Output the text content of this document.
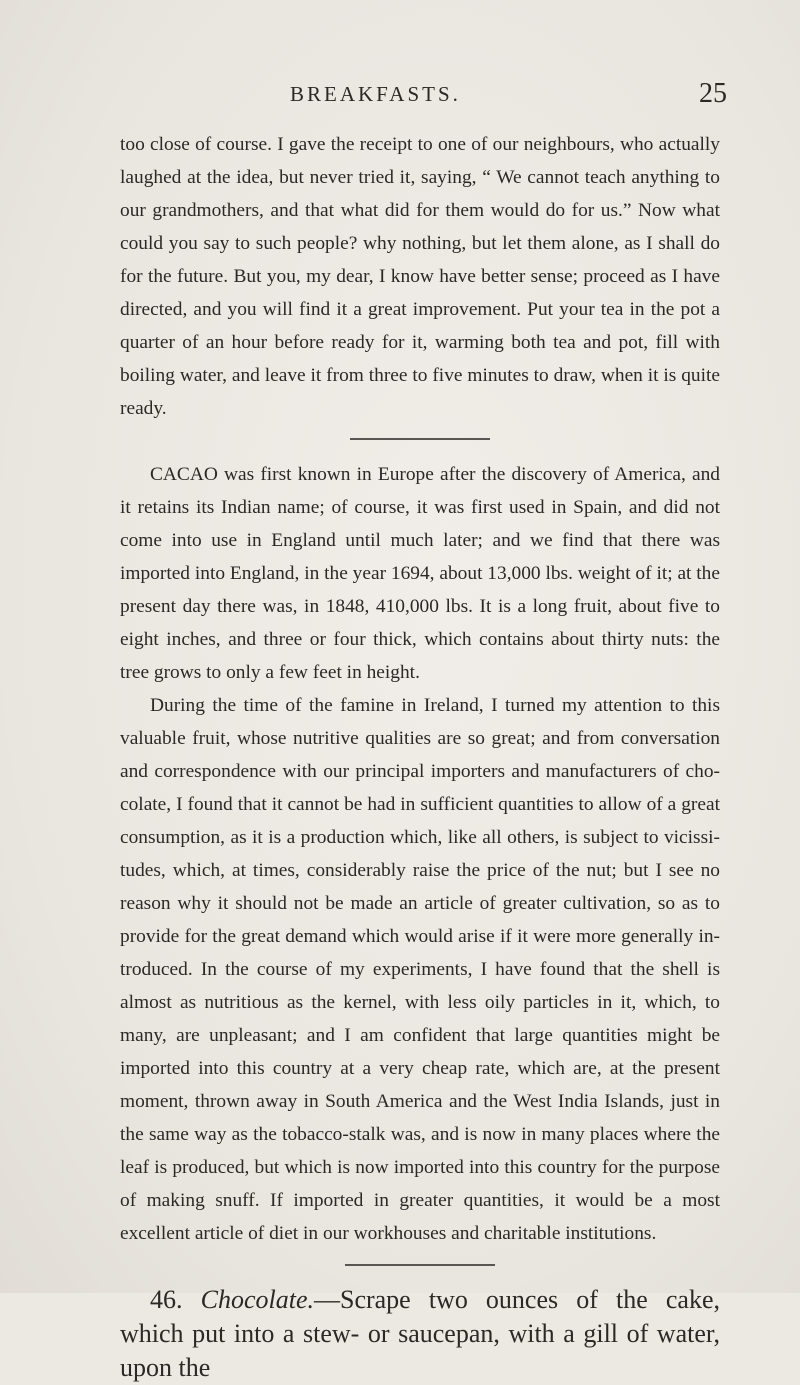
BREAKFASTS.	25

too close of course. I gave the receipt to one of our neighbours, who actually laughed at the idea, but never tried it, saying, “ We cannot teach anything to our grandmothers, and that what did for them would do for us.” Now what could you say to such people? why nothing, but let them alone, as I shall do for the future. But you, my dear, I know have better sense; proceed as I have directed, and you will find it a great improvement. Put your tea in the pot a quarter of an hour before ready for it, warming both tea and pot, fill with boiling water, and leave it from three to five minutes to draw, when it is quite ready.

CACAO was first known in Europe after the discovery of America, and it retains its Indian name; of course, it was first used in Spain, and did not come into use in England until much later; and we find that there was imported into England, in the year 1694, about 13,000 lbs. weight of it; at the present day there was, in 1848, 410,000 lbs. It is a long fruit, about five to eight inches, and three or four thick, which contains about thirty nuts: the tree grows to only a few feet in height.

During the time of the famine in Ireland, I turned my attention to this valuable fruit, whose nutritive qualities are so great; and from conversation and correspondence with our principal importers and manufacturers of cho- colate, I found that it cannot be had in sufficient quantities to allow of a great consumption, as it is a production which, like all others, is subject to vicissi- tudes, which, at times, considerably raise the price of the nut; but I see no reason why it should not be made an article of greater cultivation, so as to provide for the great demand which would arise if it were more generally in- troduced. In the course of my experiments, I have found that the shell is almost as nutritious as the kernel, with less oily particles in it, which, to many, are unpleasant; and I am confident that large quantities might be imported into this country at a very cheap rate, which are, at the present moment, thrown away in South America and the West India Islands, just in the same way as the tobacco-stalk was, and is now in many places where the leaf is produced, but which is now imported into this country for the purpose of making snuff. If imported in greater quantities, it would be a most excellent article of diet in our workhouses and charitable institutions.

46. Chocolate.—Scrape two ounces of the cake, which put into a stew- or saucepan, with a gill of water, upon the
